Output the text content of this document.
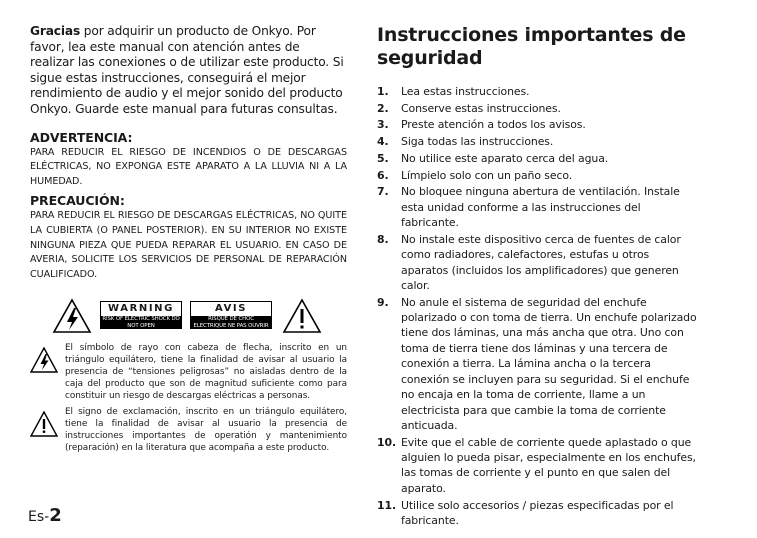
Gracias por adquirir un producto de Onkyo. Por favor, lea este manual con atención antes de realizar las conexiones o de utilizar este producto. Si sigue estas instrucciones, conseguirá el mejor rendimiento de audio y el mejor sonido del producto Onkyo. Guarde este manual para futuras consultas.

ADVERTENCIA:

PARA REDUCIR EL RIESGO DE INCENDIOS O DE DESCARGAS ELÉCTRICAS, NO EXPONGA ESTE APARATO A LA LLUVIA NI A LA HUMEDAD.

PRECAUCIÓN:

PARA REDUCIR EL RIESGO DE DESCARGAS ELÉCTRICAS, NO QUITE LA CUBIERTA (O PANEL POSTERIOR). EN SU INTERIOR NO EXISTE NINGUNA PIEZA QUE PUEDA REPARAR EL USUARIO. EN CASO DE AVERIA, SOLICITE LOS SERVICIOS DE PERSONAL DE REPARACIÓN CUALIFICADO.

WARNING
RISK OF ELECTRIC SHOCK DO NOT OPEN
AVIS
RISQUE DE CHOC ELECTRIQUE NE PAS OUVRIR

El símbolo de rayo con cabeza de flecha, inscrito en un triángulo equilátero, tiene la finalidad de avisar al usuario la presencia de “tensiones peligrosas” no aisladas dentro de la caja del producto que son de magnitud suficiente como para constituir un riesgo de descargas eléctricas a personas.

El signo de exclamación, inscrito en un triángulo equilátero, tiene la finalidad de avisar al usuario la presencia de instrucciones importantes de operatión y mantenimiento (reparación) en la literatura que acompaña a este producto.

Instrucciones importantes de seguridad
1. Lea estas instrucciones.
2. Conserve estas instrucciones.
3. Preste atención a todos los avisos.
4. Siga todas las instrucciones.
5. No utilice este aparato cerca del agua.
6. Límpielo solo con un paño seco.
7. No bloquee ninguna abertura de ventilación. Instale esta unidad conforme a las instrucciones del fabricante.
8. No instale este dispositivo cerca de fuentes de calor como radiadores, calefactores, estufas u otros aparatos (incluidos los amplificadores) que generen calor.
9. No anule el sistema de seguridad del enchufe polarizado o con toma de tierra. Un enchufe polarizado tiene dos láminas, una más ancha que otra. Uno con toma de tierra tiene dos láminas y una tercera de conexión a tierra. La lámina ancha o la tercera conexión se incluyen para su seguridad. Si el enchufe no encaja en la toma de corriente, llame a un electricista para que cambie la toma de corriente anticuada.
10. Evite que el cable de corriente quede aplastado o que alguien lo pueda pisar, especialmente en los enchufes, las tomas de corriente y el punto en que salen del aparato.
11. Utilice solo accesorios / piezas especificadas por el fabricante.
Es-2
